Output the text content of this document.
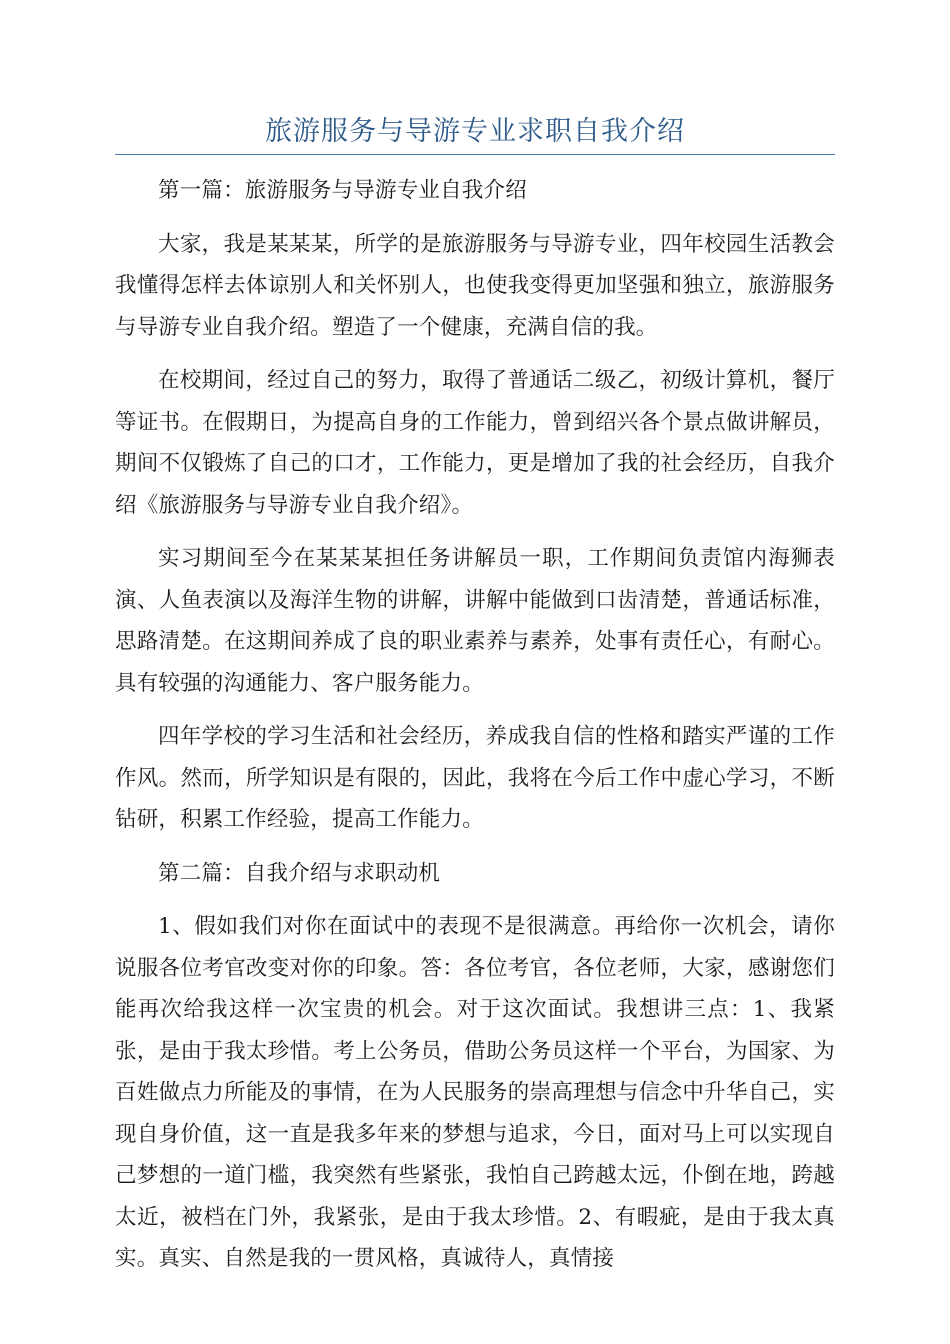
旅游服务与导游专业求职自我介绍

第一篇：旅游服务与导游专业自我介绍

大家，我是某某某，所学的是旅游服务与导游专业，四年校园生活教会我懂得怎样去体谅别人和关怀别人，也使我变得更加坚强和独立，旅游服务与导游专业自我介绍。塑造了一个健康，充满自信的我。

在校期间，经过自己的努力，取得了普通话二级乙，初级计算机，餐厅等证书。在假期日，为提高自身的工作能力，曾到绍兴各个景点做讲解员，期间不仅锻炼了自己的口才，工作能力，更是增加了我的社会经历，自我介绍《旅游服务与导游专业自我介绍》。

实习期间至今在某某某担任务讲解员一职，工作期间负责馆内海狮表演、人鱼表演以及海洋生物的讲解，讲解中能做到口齿清楚，普通话标准，思路清楚。在这期间养成了良的职业素养与素养，处事有责任心，有耐心。具有较强的沟通能力、客户服务能力。

四年学校的学习生活和社会经历，养成我自信的性格和踏实严谨的工作作风。然而，所学知识是有限的，因此，我将在今后工作中虚心学习，不断钻研，积累工作经验，提高工作能力。

第二篇：自我介绍与求职动机

1、假如我们对你在面试中的表现不是很满意。再给你一次机会，请你说服各位考官改变对你的印象。答：各位考官，各位老师，大家，感谢您们能再次给我这样一次宝贵的机会。对于这次面试。我想讲三点：1、我紧张，是由于我太珍惜。考上公务员，借助公务员这样一个平台，为国家、为百姓做点力所能及的事情，在为人民服务的崇高理想与信念中升华自己，实现自身价值，这一直是我多年来的梦想与追求，今日，面对马上可以实现自己梦想的一道门槛，我突然有些紧张，我怕自己跨越太远，仆倒在地，跨越太近，被档在门外，我紧张，是由于我太珍惜。2、有暇疵，是由于我太真实。真实、自然是我的一贯风格，真诚待人，真情接
